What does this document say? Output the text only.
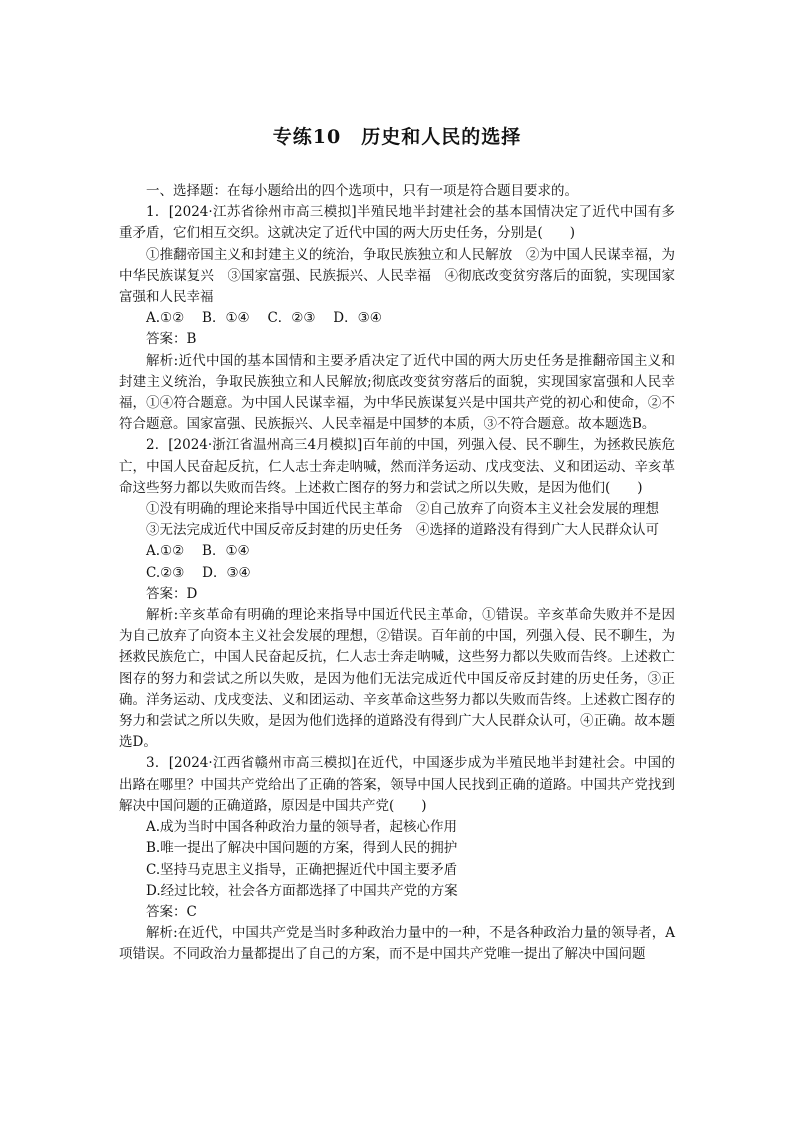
专练10　历史和人民的选择

一、选择题：在每小题给出的四个选项中，只有一项是符合题目要求的。

1．[2024·江苏省徐州市高三模拟]半殖民地半封建社会的基本国情决定了近代中国有多重矛盾，它们相互交织。这就决定了近代中国的两大历史任务，分别是(　　)

①推翻帝国主义和封建主义的统治，争取民族独立和人民解放　②为中国人民谋幸福，为中华民族谋复兴　③国家富强、民族振兴、人民幸福　④彻底改变贫穷落后的面貌，实现国家富强和人民幸福

A.①②　 B．①④　 C．②③　 D．③④

答案：B

解析:近代中国的基本国情和主要矛盾决定了近代中国的两大历史任务是推翻帝国主义和封建主义统治，争取民族独立和人民解放;彻底改变贫穷落后的面貌，实现国家富强和人民幸福，①④符合题意。为中国人民谋幸福，为中华民族谋复兴是中国共产党的初心和使命，②不符合题意。国家富强、民族振兴、人民幸福是中国梦的本质，③不符合题意。故本题选B。

2．[2024·浙江省温州高三4月模拟]百年前的中国，列强入侵、民不聊生，为拯救民族危亡，中国人民奋起反抗，仁人志士奔走呐喊，然而洋务运动、戊戌变法、义和团运动、辛亥革命这些努力都以失败而告终。上述救亡图存的努力和尝试之所以失败，是因为他们(　　)

①没有明确的理论来指导中国近代民主革命　②自己放弃了向资本主义社会发展的理想

③无法完成近代中国反帝反封建的历史任务　④选择的道路没有得到广大人民群众认可

A.①②　 B．①④

C.②③　 D．③④

答案：D

解析:辛亥革命有明确的理论来指导中国近代民主革命，①错误。辛亥革命失败并不是因为自己放弃了向资本主义社会发展的理想，②错误。百年前的中国，列强入侵、民不聊生，为拯救民族危亡，中国人民奋起反抗，仁人志士奔走呐喊，这些努力都以失败而告终。上述救亡图存的努力和尝试之所以失败，是因为他们无法完成近代中国反帝反封建的历史任务，③正确。洋务运动、戊戌变法、义和团运动、辛亥革命这些努力都以失败而告终。上述救亡图存的努力和尝试之所以失败，是因为他们选择的道路没有得到广大人民群众认可，④正确。故本题选D。

3．[2024·江西省赣州市高三模拟]在近代，中国逐步成为半殖民地半封建社会。中国的出路在哪里？中国共产党给出了正确的答案，领导中国人民找到正确的道路。中国共产党找到解决中国问题的正确道路，原因是中国共产党(　　)

A.成为当时中国各种政治力量的领导者，起核心作用

B.唯一提出了解决中国问题的方案，得到人民的拥护

C.坚持马克思主义指导，正确把握近代中国主要矛盾

D.经过比较，社会各方面都选择了中国共产党的方案

答案：C

解析:在近代，中国共产党是当时多种政治力量中的一种，不是各种政治力量的领导者，A项错误。不同政治力量都提出了自己的方案，而不是中国共产党唯一提出了解决中国问题
